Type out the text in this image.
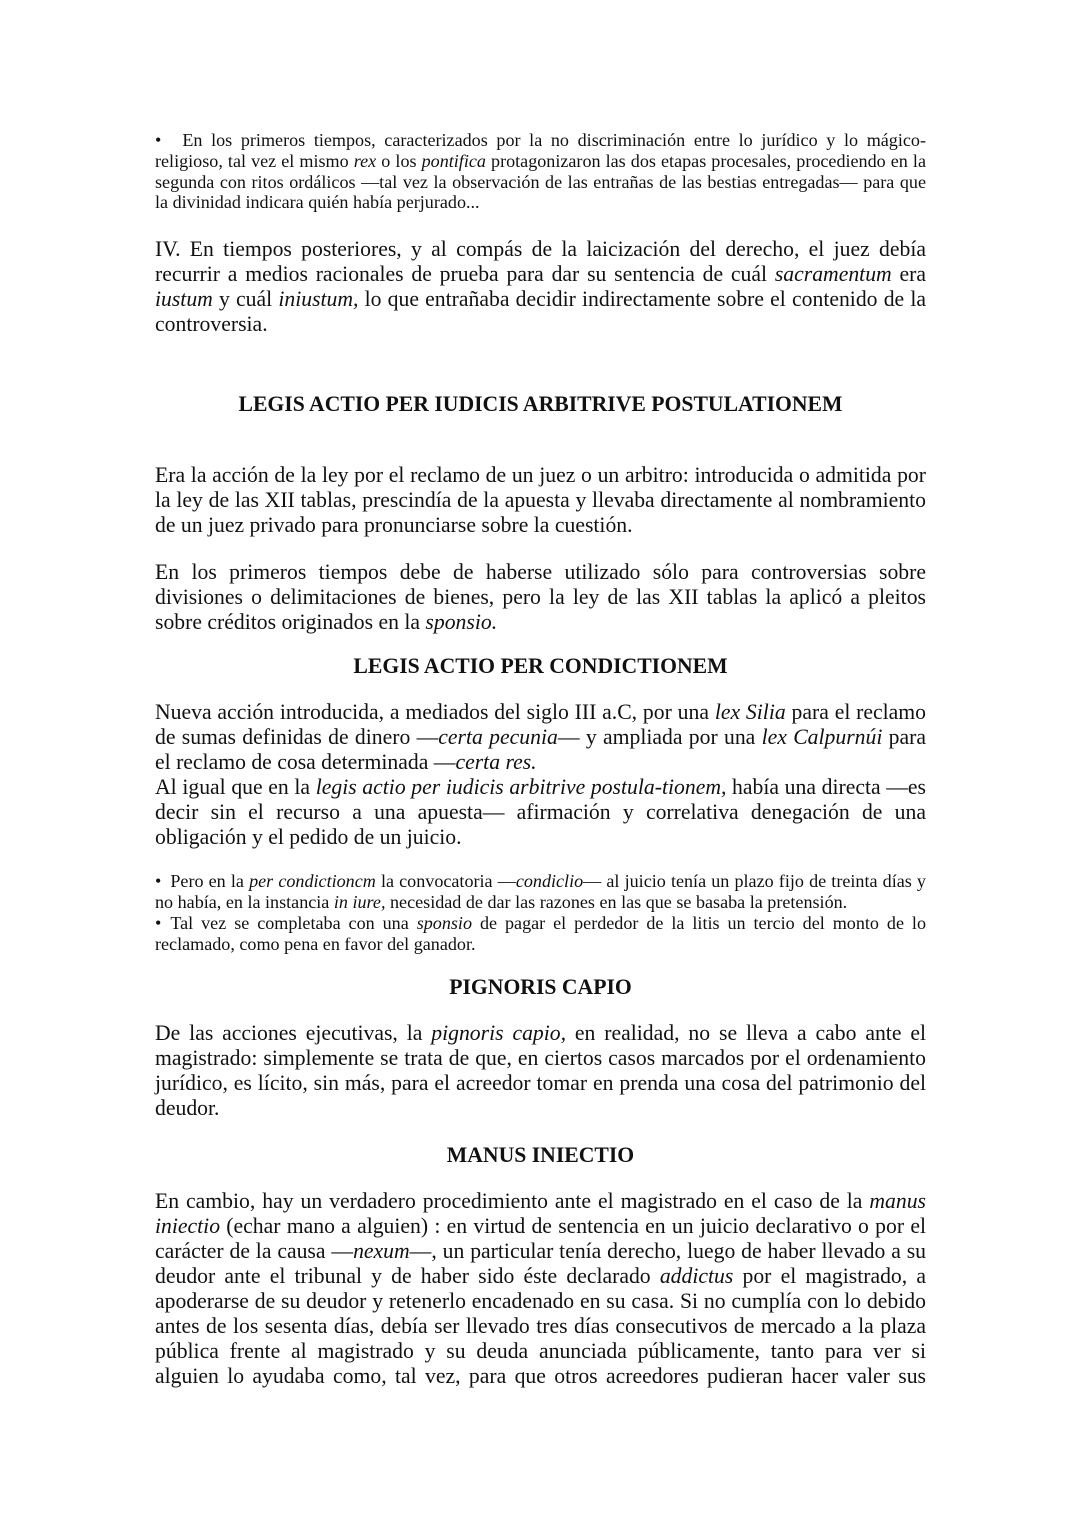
• En los primeros tiempos, caracterizados por la no discriminación entre lo jurídico y lo mágico-religioso, tal vez el mismo rex o los pontifica protagonizaron las dos etapas procesales, procediendo en la segunda con ritos ordálicos —tal vez la observación de las entrañas de las bestias entregadas— para que la divinidad indicara quién había perjurado...

IV. En tiempos posteriores, y al compás de la laicización del derecho, el juez debía recurrir a medios racionales de prueba para dar su sentencia de cuál sacramentum era iustum y cuál iniustum, lo que entrañaba decidir indirectamente sobre el contenido de la controversia.

LEGIS ACTIO PER IUDICIS ARBITRIVE POSTULATIONEM

Era la acción de la ley por el reclamo de un juez o un arbitro: introducida o admitida por la ley de las XII tablas, prescindía de la apuesta y llevaba directamente al nombramiento de un juez privado para pronunciarse sobre la cuestión.

En los primeros tiempos debe de haberse utilizado sólo para controversias sobre divisiones o delimitaciones de bienes, pero la ley de las XII tablas la aplicó a pleitos sobre créditos originados en la sponsio.

LEGIS ACTIO PER CONDICTIONEM

Nueva acción introducida, a mediados del siglo III a.C, por una lex Silia para el reclamo de sumas definidas de dinero —certa pecunia— y ampliada por una lex Calpurnúi para el reclamo de cosa determinada —certa res.

Al igual que en la legis actio per iudicis arbitrive postula-tionem, había una directa —es decir sin el recurso a una apuesta— afirmación y correlativa denegación de una obligación y el pedido de un juicio.

• Pero en la per condictioncm la convocatoria —condiclio— al juicio tenía un plazo fijo de treinta días y no había, en la instancia in iure, necesidad de dar las razones en las que se basaba la pretensión.

• Tal vez se completaba con una sponsio de pagar el perdedor de la litis un tercio del monto de lo reclamado, como pena en favor del ganador.

PIGNORIS CAPIO

De las acciones ejecutivas, la pignoris capio, en realidad, no se lleva a cabo ante el magistrado: simplemente se trata de que, en ciertos casos marcados por el ordenamiento jurídico, es lícito, sin más, para el acreedor tomar en prenda una cosa del patrimonio del deudor.

MANUS INIECTIO

En cambio, hay un verdadero procedimiento ante el magistrado en el caso de la manus iniectio (echar mano a alguien) : en virtud de sentencia en un juicio declarativo o por el carácter de la causa —nexum—, un particular tenía derecho, luego de haber llevado a su deudor ante el tribunal y de haber sido éste declarado addictus por el magistrado, a apoderarse de su deudor y retenerlo encadenado en su casa. Si no cumplía con lo debido antes de los sesenta días, debía ser llevado tres días consecutivos de mercado a la plaza pública frente al magistrado y su deuda anunciada públicamente, tanto para ver si alguien lo ayudaba como, tal vez, para que otros acreedores pudieran hacer valer sus
